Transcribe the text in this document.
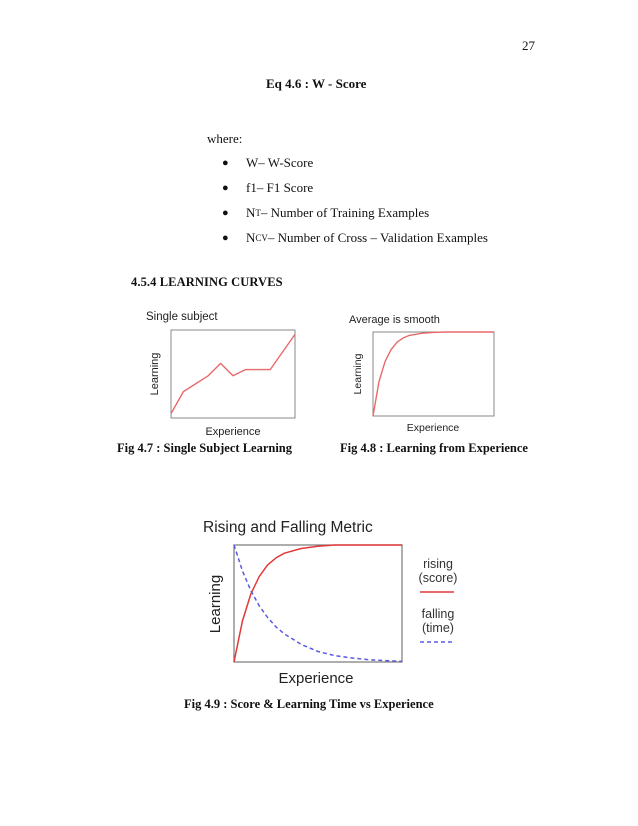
27
Eq 4.6 : W - Score
where:
●	W – W-Score
●	f1 – F1 Score
●	N T – Number of Training Examples
●	N CV – Number of Cross – Validation Examples
4.5.4 LEARNING CURVES
Single subject
Learning
Experience
Fig 4.7 : Single Subject Learning
Average is smooth
Learning
Experience
Fig 4.8 : Learning from Experience
Rising and Falling Metric
Learning
Experience
rising
(score)
falling
(time)
Fig 4.9 : Score & Learning Time vs Experience
